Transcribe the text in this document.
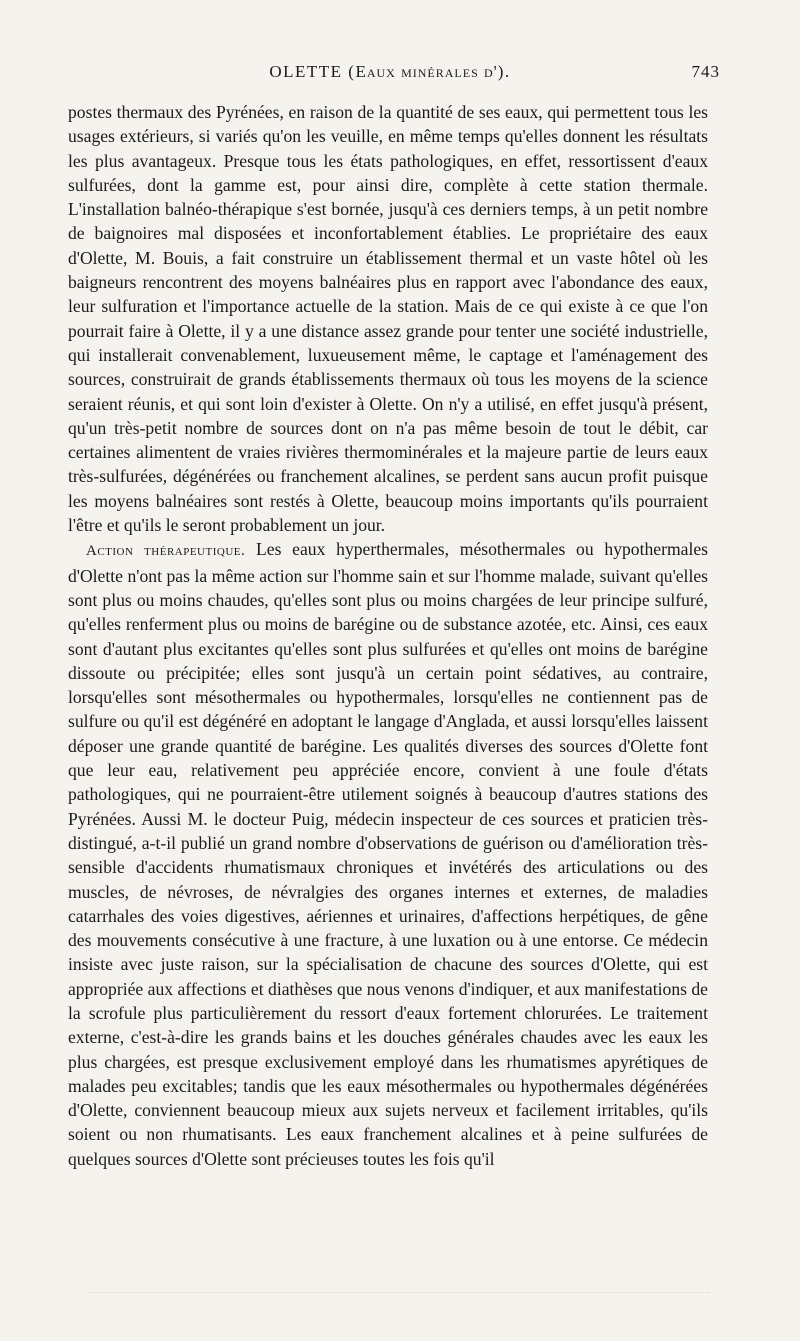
OLETTE (Eaux minérales d').	743

postes thermaux des Pyrénées, en raison de la quantité de ses eaux, qui permettent tous les usages extérieurs, si variés qu'on les veuille, en même temps qu'elles donnent les résultats les plus avantageux. Presque tous les états pathologiques, en effet, ressortissent d'eaux sulfurées, dont la gamme est, pour ainsi dire, complète à cette station thermale. L'installation balnéo-thérapique s'est bornée, jusqu'à ces derniers temps, à un petit nombre de baignoires mal disposées et inconfortablement établies. Le propriétaire des eaux d'Olette, M. Bouis, a fait construire un établissement thermal et un vaste hôtel où les baigneurs rencontrent des moyens balnéaires plus en rapport avec l'abondance des eaux, leur sulfuration et l'importance actuelle de la station. Mais de ce qui existe à ce que l'on pourrait faire à Olette, il y a une distance assez grande pour tenter une société industrielle, qui installerait convenablement, luxueusement même, le captage et l'aménagement des sources, construirait de grands établissements thermaux où tous les moyens de la science seraient réunis, et qui sont loin d'exister à Olette. On n'y a utilisé, en effet jusqu'à présent, qu'un très-petit nombre de sources dont on n'a pas même besoin de tout le débit, car certaines alimentent de vraies rivières thermominérales et la majeure partie de leurs eaux très-sulfurées, dégénérées ou franchement alcalines, se perdent sans aucun profit puisque les moyens balnéaires sont restés à Olette, beaucoup moins importants qu'ils pourraient l'être et qu'ils le seront probablement un jour.

Action thérapeutique. Les eaux hyperthermales, mésothermales ou hypothermales d'Olette n'ont pas la même action sur l'homme sain et sur l'homme malade, suivant qu'elles sont plus ou moins chaudes, qu'elles sont plus ou moins chargées de leur principe sulfuré, qu'elles renferment plus ou moins de barégine ou de substance azotée, etc. Ainsi, ces eaux sont d'autant plus excitantes qu'elles sont plus sulfurées et qu'elles ont moins de barégine dissoute ou précipitée; elles sont jusqu'à un certain point sédatives, au contraire, lorsqu'elles sont mésothermales ou hypothermales, lorsqu'elles ne contiennent pas de sulfure ou qu'il est dégénéré en adoptant le langage d'Anglada, et aussi lorsqu'elles laissent déposer une grande quantité de barégine. Les qualités diverses des sources d'Olette font que leur eau, relativement peu appréciée encore, convient à une foule d'états pathologiques, qui ne pourraient-être utilement soignés à beaucoup d'autres stations des Pyrénées. Aussi M. le docteur Puig, médecin inspecteur de ces sources et praticien très-distingué, a-t-il publié un grand nombre d'observations de guérison ou d'amélioration très-sensible d'accidents rhumatismaux chroniques et invétérés des articulations ou des muscles, de névroses, de névralgies des organes internes et externes, de maladies catarrhales des voies digestives, aériennes et urinaires, d'affections herpétiques, de gêne des mouvements consécutive à une fracture, à une luxation ou à une entorse. Ce médecin insiste avec juste raison, sur la spécialisation de chacune des sources d'Olette, qui est appropriée aux affections et diathèses que nous venons d'indiquer, et aux manifestations de la scrofule plus particulièrement du ressort d'eaux fortement chlorurées. Le traitement externe, c'est-à-dire les grands bains et les douches générales chaudes avec les eaux les plus chargées, est presque exclusivement employé dans les rhumatismes apyrétiques de malades peu excitables; tandis que les eaux mésothermales ou hypothermales dégénérées d'Olette, conviennent beaucoup mieux aux sujets nerveux et facilement irritables, qu'ils soient ou non rhumatisants. Les eaux franchement alcalines et à peine sulfurées de quelques sources d'Olette sont précieuses toutes les fois qu'il
